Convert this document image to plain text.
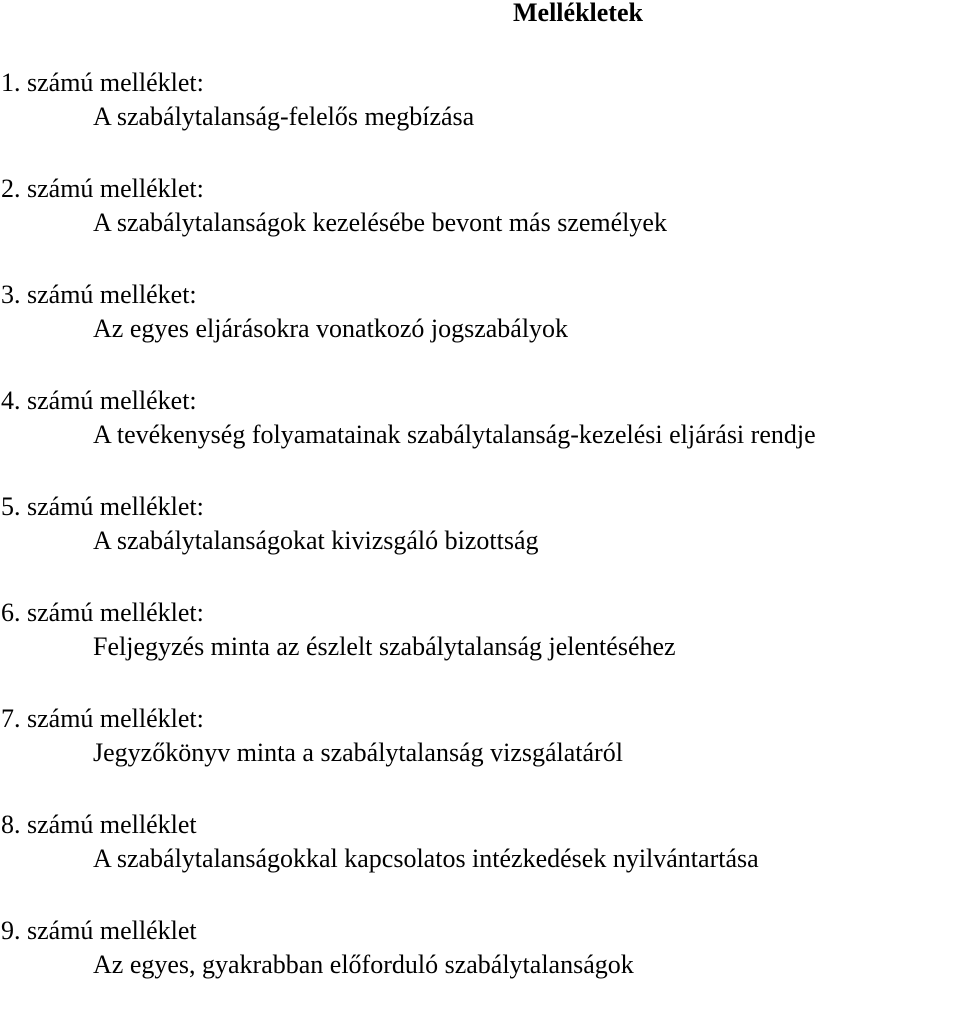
Mellékletek
1. számú melléklet:
A szabálytalanság-felelős megbízása
2. számú melléklet:
A szabálytalanságok kezelésébe bevont más személyek
3. számú melléket:
Az egyes eljárásokra vonatkozó jogszabályok
4. számú melléket:
A tevékenység folyamatainak szabálytalanság-kezelési eljárási rendje
5. számú melléklet:
A szabálytalanságokat kivizsgáló bizottság
6. számú melléklet:
Feljegyzés minta az észlelt szabálytalanság jelentéséhez
7. számú melléklet:
Jegyzőkönyv minta a szabálytalanság vizsgálatáról
8. számú melléklet
A szabálytalanságokkal kapcsolatos intézkedések nyilvántartása
9. számú melléklet
Az egyes, gyakrabban előforduló szabálytalanságok
